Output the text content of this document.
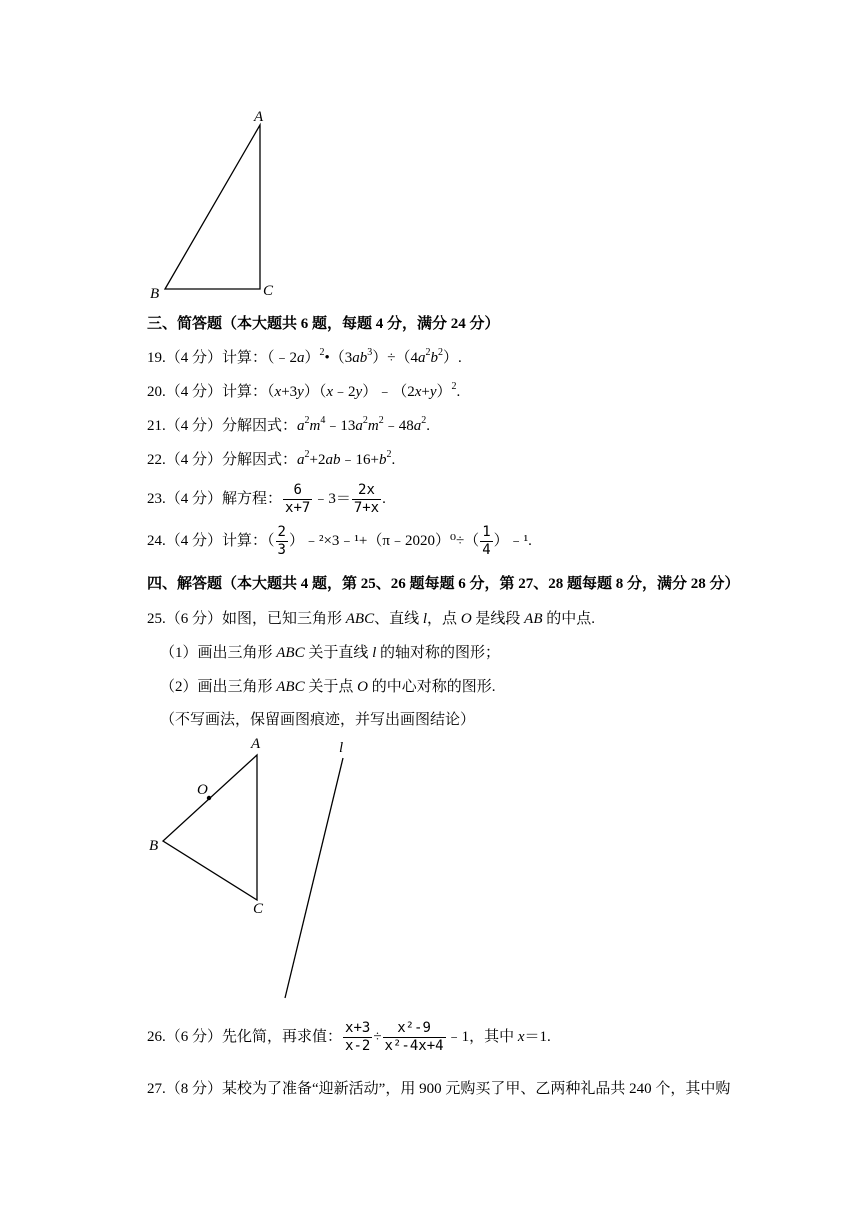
A
B	C
三、简答题（本大题共 6 题，每题 4 分，满分 24 分）
19.（4 分）计算：$(﹣2a)^2•(3ab^3)\div(4a^2b^2)$.
20.（4 分）计算：$(x+3y)(x﹣2y)﹣(2x+y)^2$.
21.（4 分）分解因式：$a^2m^4﹣13a^2m^2﹣48a^2$.
22.（4 分）分解因式：$a^2+2ab﹣16+b^2$.
23.（4 分）解方程： $\frac{6}{x+7}$ ﹣3＝ $\frac{2x}{7+x}$ .
24.（4 分）计算：（ $\frac{2}{3}$ ）﹣²×3﹣¹+（π﹣2020）⁰÷（ $\frac{1}{4}$ ）﹣¹.
四、解答题（本大题共 4 题，第 25、26 题每题 6 分，第 27、28 题每题 8 分，满分 28 分）
25.（6 分）如图，已知三角形 ABC、直线 l，点 O 是线段 AB 的中点.
（1）画出三角形 ABC 关于直线 l 的轴对称的图形；
（2）画出三角形 ABC 关于点 O 的中心对称的图形.
（不写画法，保留画图痕迹，并写出画图结论）
A
O
B
C
l
26.（6 分）先化简，再求值： $\frac{x+3}{x-2} \div \frac{\text{x²-9}}{\text{x²-4x+4}}$ ﹣1，其中 x＝1.
27.（8 分）某校为了准备“迎新活动”，用 900 元购买了甲、乙两种礼品共 240 个，其中购
